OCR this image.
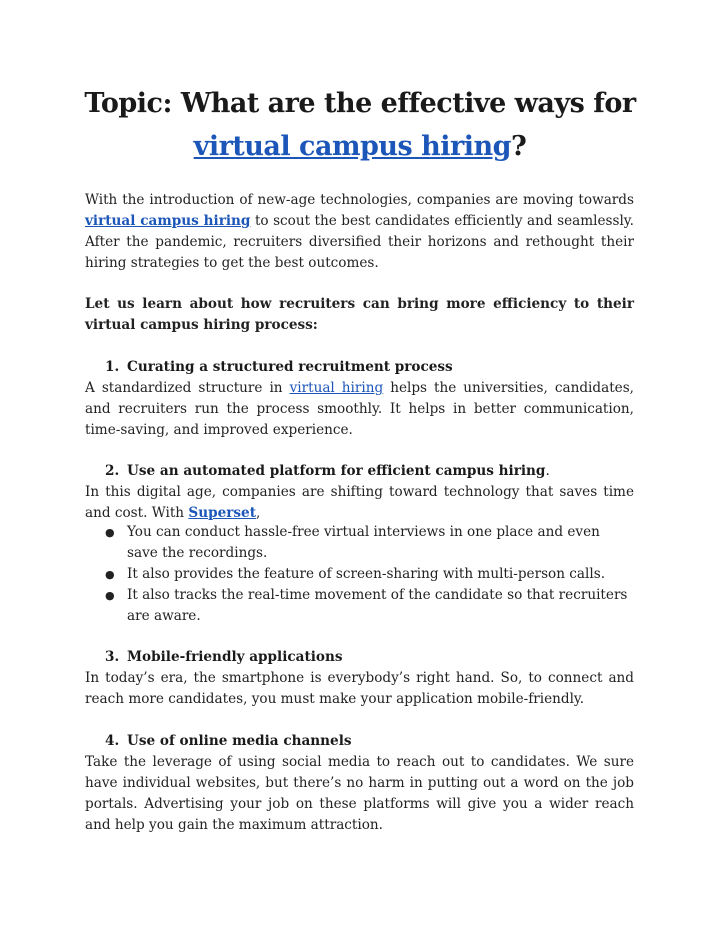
Topic: What are the effective ways for
virtual campus hiring?

With the introduction of new-age technologies, companies are moving towards virtual campus hiring to scout the best candidates efficiently and seamlessly. After the pandemic, recruiters diversified their horizons and rethought their hiring strategies to get the best outcomes.

Let us learn about how recruiters can bring more efficiency to their virtual campus hiring process:

1. Curating a structured recruitment process

A standardized structure in virtual hiring helps the universities, candidates, and recruiters run the process smoothly. It helps in better communication, time-saving, and improved experience.

2. Use an automated platform for efficient campus hiring.

In this digital age, companies are shifting toward technology that saves time and cost. With Superset,

● You can conduct hassle-free virtual interviews in one place and even save the recordings.
● It also provides the feature of screen-sharing with multi-person calls.
● It also tracks the real-time movement of the candidate so that recruiters are aware.
3. Mobile-friendly applications

In today’s era, the smartphone is everybody’s right hand. So, to connect and reach more candidates, you must make your application mobile-friendly.

4. Use of online media channels

Take the leverage of using social media to reach out to candidates. We sure have individual websites, but there’s no harm in putting out a word on the job portals. Advertising your job on these platforms will give you a wider reach and help you gain the maximum attraction.
